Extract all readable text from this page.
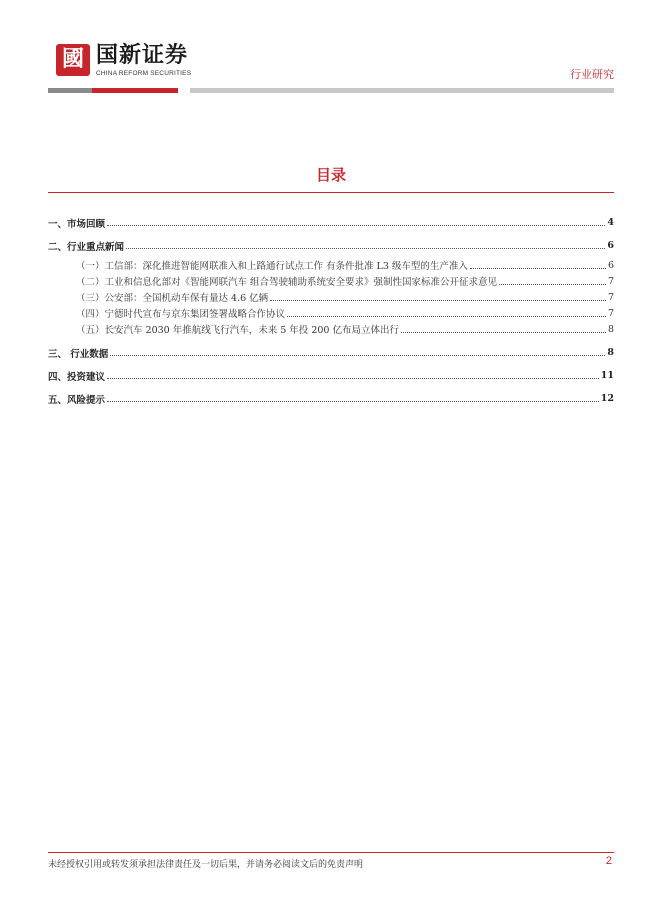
國 国新证券
CHINA REFORM SECURITIES	行业研究
目录
一、市场回顾	4
二、行业重点新闻	6
（一）工信部：深化推进智能网联准入和上路通行试点工作 有条件批准 L3 级车型的生产准入	6
（二）工业和信息化部对《智能网联汽车 组合驾驶辅助系统安全要求》强制性国家标准公开征求意见	7
（三）公安部：全国机动车保有量达 4.6 亿辆	7
（四）宁德时代宣布与京东集团签署战略合作协议	7
（五）长安汽车 2030 年推航线飞行汽车，未来 5 年投 200 亿布局立体出行	8
三、 行业数据	8
四、投资建议	11
五、风险提示	12
未经授权引用或转发须承担法律责任及一切后果，并请务必阅读文后的免责声明	2
